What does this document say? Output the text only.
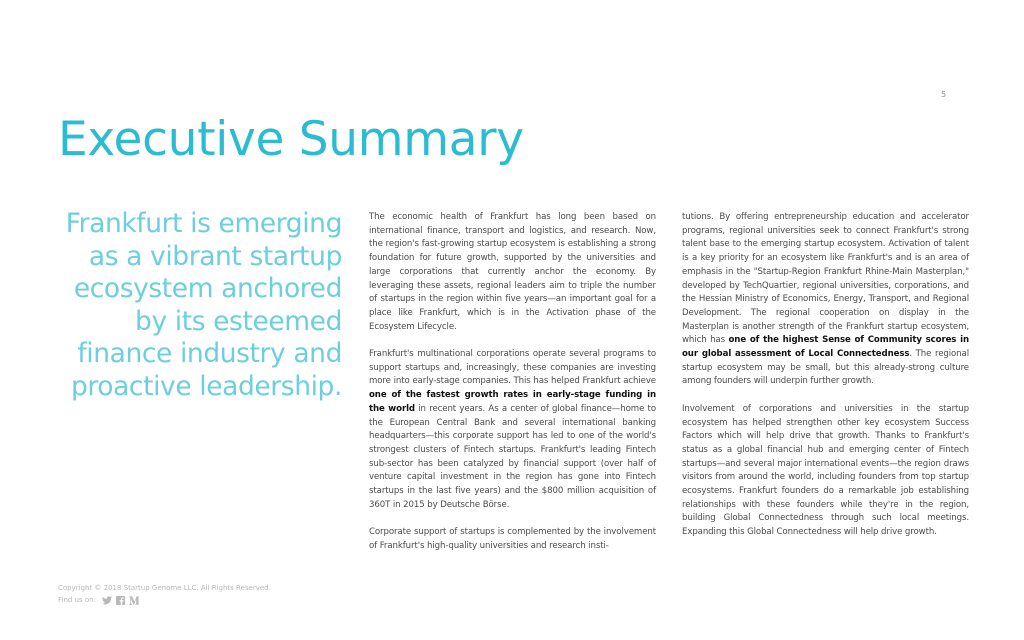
5
Executive Summary
Frankfurt is emerging
as a vibrant startup
ecosystem anchored
by its esteemed
finance industry and
proactive leadership.

The economic health of Frankfurt has long been based on international finance, transport and logistics, and research. Now, the region's fast-growing startup ecosystem is establishing a strong foundation for future growth, supported by the universities and large corporations that currently anchor the economy. By leveraging these assets, regional leaders aim to triple the number of startups in the region within five years—an important goal for a place like Frankfurt, which is in the Activation phase of the Ecosystem Lifecycle.

Frankfurt's multinational corporations operate several programs to support startups and, increasingly, these companies are investing more into early-stage companies. This has helped Frankfurt achieve one of the fastest growth rates in early-stage funding in the world in recent years. As a center of global finance—home to the European Central Bank and several international banking headquarters—this corporate support has led to one of the world's strongest clusters of Fintech startups. Frankfurt's leading Fintech sub-sector has been catalyzed by financial support (over half of venture capital investment in the region has gone into Fintech startups in the last five years) and the $800 million acquisition of 360T in 2015 by Deutsche Börse.

Corporate support of startups is complemented by the involvement of Frankfurt's high-quality universities and research insti-

tutions. By offering entrepreneurship education and accelerator programs, regional universities seek to connect Frankfurt's strong talent base to the emerging startup ecosystem. Activation of talent is a key priority for an ecosystem like Frankfurt's and is an area of emphasis in the "Startup-Region Frankfurt Rhine-Main Masterplan," developed by TechQuartier, regional universities, corporations, and the Hessian Ministry of Economics, Energy, Transport, and Regional Development. The regional cooperation on display in the Masterplan is another strength of the Frankfurt startup ecosystem, which has one of the highest Sense of Community scores in our global assessment of Local Connectedness. The regional startup ecosystem may be small, but this already-strong culture among founders will underpin further growth.

Involvement of corporations and universities in the startup ecosystem has helped strengthen other key ecosystem Success Factors which will help drive that growth. Thanks to Frankfurt's status as a global financial hub and emerging center of Fintech startups—and several major international events—the region draws visitors from around the world, including founders from top startup ecosystems. Frankfurt founders do a remarkable job establishing relationships with these founders while they're in the region, building Global Connectedness through such local meetings. Expanding this Global Connectedness will help drive growth.

Copyright © 2018 Startup Genome LLC. All Rights Reserved.
Find us on:
